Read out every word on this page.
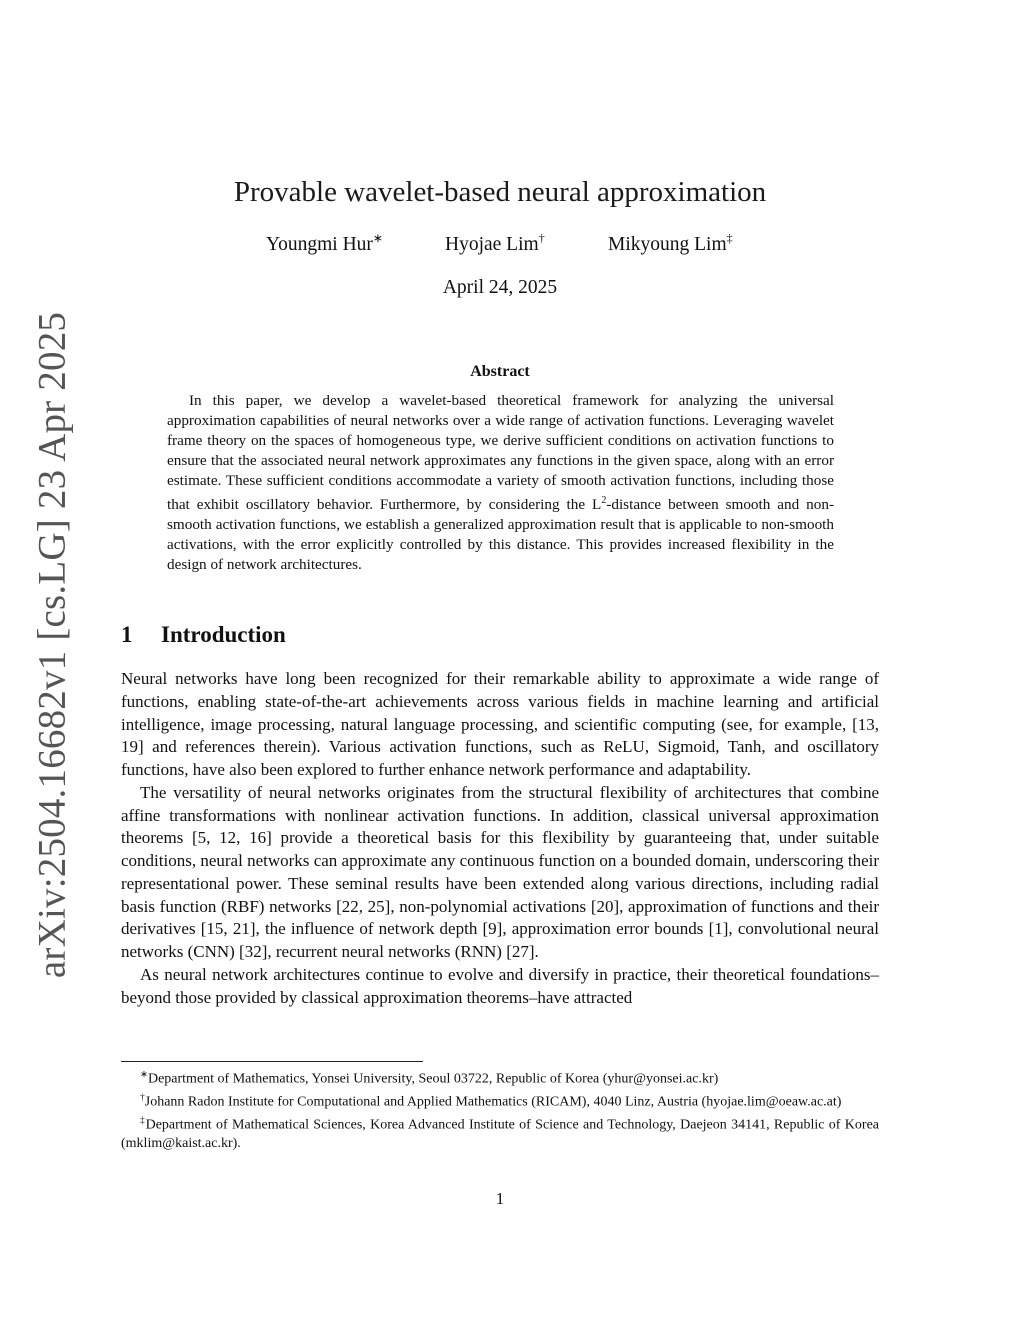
arXiv:2504.16682v1 [cs.LG] 23 Apr 2025
Provable wavelet-based neural approximation
Youngmi Hur∗	Hyojae Lim†	Mikyoung Lim‡
April 24, 2025
Abstract

In this paper, we develop a wavelet-based theoretical framework for analyzing the universal approximation capabilities of neural networks over a wide range of activation functions. Leveraging wavelet frame theory on the spaces of homogeneous type, we derive sufficient conditions on activation functions to ensure that the associated neural network approximates any functions in the given space, along with an error estimate. These sufficient conditions accommodate a variety of smooth activation functions, including those that exhibit oscillatory behavior. Furthermore, by considering the $L^2$-distance between smooth and non-smooth activation functions, we establish a generalized approximation result that is applicable to non-smooth activations, with the error explicitly controlled by this distance. This provides increased flexibility in the design of network architectures.

1 Introduction

Neural networks have long been recognized for their remarkable ability to approximate a wide range of functions, enabling state-of-the-art achievements across various fields in machine learning and artificial intelligence, image processing, natural language processing, and scientific computing (see, for example, [13, 19] and references therein). Various activation functions, such as ReLU, Sigmoid, Tanh, and oscillatory functions, have also been explored to further enhance network performance and adaptability.

The versatility of neural networks originates from the structural flexibility of architectures that combine affine transformations with nonlinear activation functions. In addition, classical universal approximation theorems [5, 12, 16] provide a theoretical basis for this flexibility by guaranteeing that, under suitable conditions, neural networks can approximate any continuous function on a bounded domain, underscoring their representational power. These seminal results have been extended along various directions, including radial basis function (RBF) networks [22, 25], non-polynomial activations [20], approximation of functions and their derivatives [15, 21], the influence of network depth [9], approximation error bounds [1], convolutional neural networks (CNN) [32], recurrent neural networks (RNN) [27].

As neural network architectures continue to evolve and diversify in practice, their theoretical foundations–beyond those provided by classical approximation theorems–have attracted

∗Department of Mathematics, Yonsei University, Seoul 03722, Republic of Korea (yhur@yonsei.ac.kr)

†Johann Radon Institute for Computational and Applied Mathematics (RICAM), 4040 Linz, Austria (hyojae.lim@oeaw.ac.at)

‡Department of Mathematical Sciences, Korea Advanced Institute of Science and Technology, Daejeon 34141, Republic of Korea (mklim@kaist.ac.kr).

1
